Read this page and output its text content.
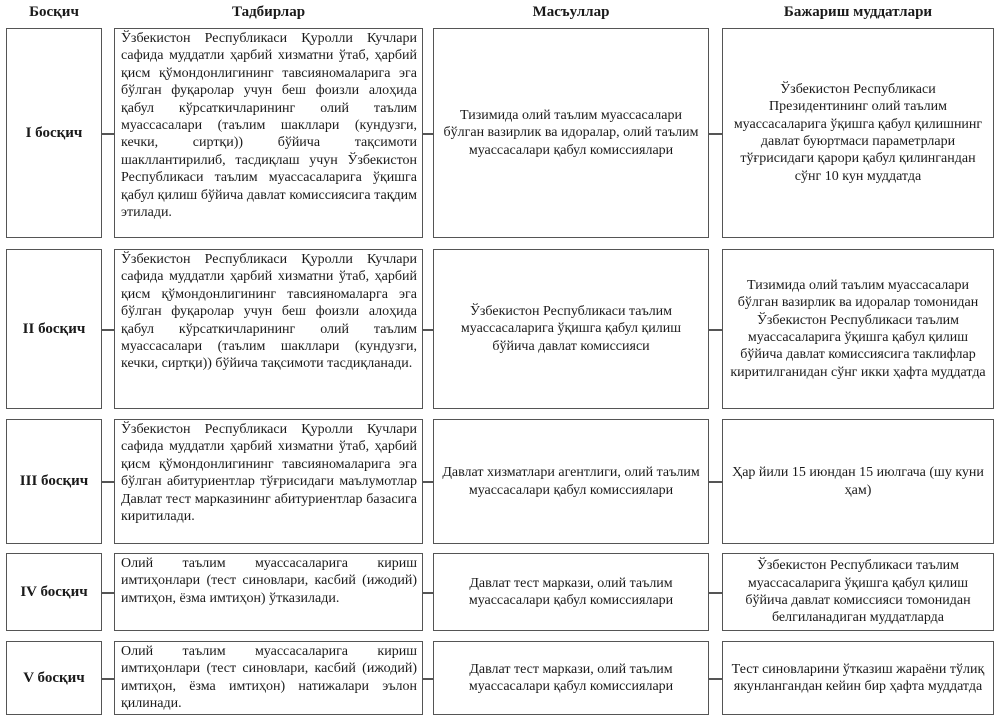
Босқич	Тадбирлар	Масъуллар	Бажариш муддатлари
I босқич
Ўзбекистон Республикаси Қуролли Кучлари сафида муддатли ҳарбий хизматни ўтаб, ҳарбий қисм қўмондонлигининг тавсияномаларига эга бўлган фуқаролар учун беш фоизли алоҳида қабул кўрсаткичларининг олий таълим муассасалари (таълим шакллари (кундузги, кечки, сиртқи)) бўйича тақсимоти шакллантирилиб, тасдиқлаш учун Ўзбекистон Республикаси таълим муассасаларига ўқишга қабул қилиш бўйича давлат комиссиясига тақдим этилади.
Тизимида олий таълим муассасалари бўлган вазирлик ва идоралар, олий таълим муассасалари қабул комиссиялари
Ўзбекистон Республикаси Президентининг олий таълим муассасаларига ўқишга қабул қилишнинг давлат буюртмаси параметрлари тўғрисидаги қарори қабул қилингандан сўнг 10 кун муддатда
II босқич
Ўзбекистон Республикаси Қуролли Кучлари сафида муддатли ҳарбий хизматни ўтаб, ҳарбий қисм қўмондонлигининг тавсияномаларга эга бўлган фуқаролар учун беш фоизли алоҳида қабул кўрсаткичларининг олий таълим муассасалари (таълим шакллари (кундузги, кечки, сиртқи)) бўйича тақсимоти тасдиқланади.
Ўзбекистон Республикаси таълим муассасаларига ўқишга қабул қилиш бўйича давлат комиссияси
Тизимида олий таълим муассасалари бўлган вазирлик ва идоралар томонидан Ўзбекистон Республикаси таълим муассасаларига ўқишга қабул қилиш бўйича давлат комиссиясига таклифлар киритилганидан сўнг икки ҳафта муддатда
III босқич
Ўзбекистон Республикаси Қуролли Кучлари сафида муддатли ҳарбий хизматни ўтаб, ҳарбий қисм қўмондонлигининг тавсияномаларига эга бўлган абитуриентлар тўғрисидаги маълумотлар Давлат тест марказининг абитуриентлар базасига киритилади.
Давлат хизматлари агентлиги, олий таълим муассасалари қабул комиссиялари
Ҳар йили 15 июндан 15 июлгача (шу куни ҳам)
IV босқич
Олий таълим муассасаларига кириш имтиҳонлари (тест синовлари, касбий (ижодий) имтиҳон, ёзма имтиҳон) ўтказилади.
Давлат тест маркази, олий таълим муассасалари қабул комиссиялари
Ўзбекистон Республикаси таълим муассасаларига ўқишга қабул қилиш бўйича давлат комиссияси томонидан белгиланадиган муддатларда
V босқич
Олий таълим муассасаларига кириш имтиҳонлари (тест синовлари, касбий (ижодий) имтиҳон, ёзма имтиҳон) натижалари эълон қилинади.
Давлат тест маркази, олий таълим муассасалари қабул комиссиялари
Тест синовларини ўтказиш жараёни тўлиқ якунлангандан кейин бир ҳафта муддатда
